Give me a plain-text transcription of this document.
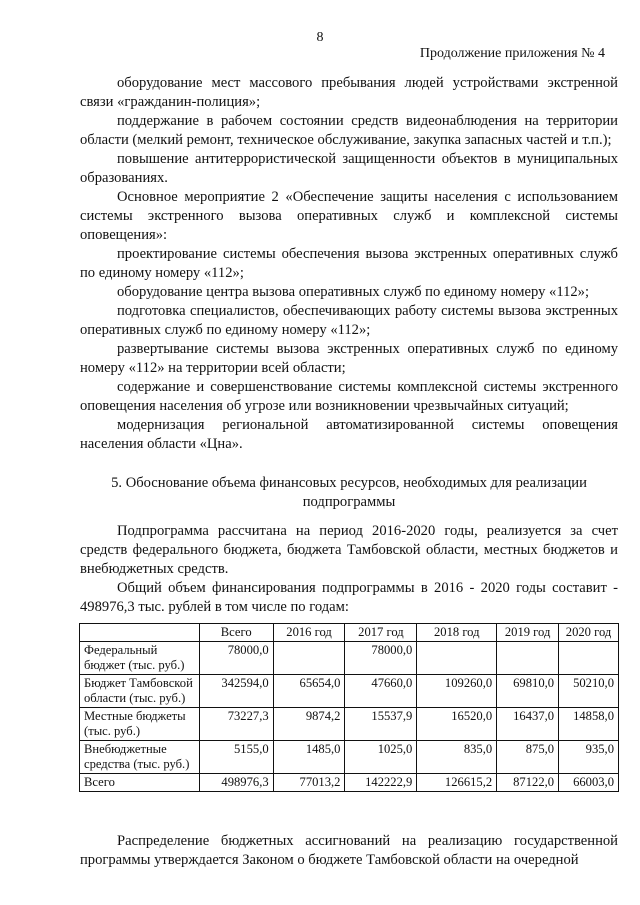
8
Продолжение приложения № 4

оборудование мест массового пребывания людей устройствами экстренной связи «гражданин-полиция»;

поддержание в рабочем состоянии средств видеонаблюдения на территории области (мелкий ремонт, техническое обслуживание, закупка запасных частей и т.п.);

повышение антитеррористической защищенности объектов в муниципальных образованиях.

Основное мероприятие 2 «Обеспечение защиты населения с использованием системы экстренного вызова оперативных служб и комплексной системы оповещения»:

проектирование системы обеспечения вызова экстренных оперативных служб по единому номеру «112»;

оборудование центра вызова оперативных служб по единому номеру «112»;

подготовка специалистов, обеспечивающих работу системы вызова экстренных оперативных служб по единому номеру «112»;

развертывание системы вызова экстренных оперативных служб по единому номеру «112» на территории всей области;

содержание и совершенствование системы комплексной системы экстренного оповещения населения об угрозе или возникновении чрезвычайных ситуаций;

модернизация региональной автоматизированной системы оповещения населения области «Цна».

5. Обоснование объема финансовых ресурсов, необходимых для реализации подпрограммы

Подпрограмма рассчитана на период 2016-2020 годы, реализуется за счет средств федерального бюджета, бюджета Тамбовской области, местных бюджетов и внебюджетных средств.

Общий объем финансирования подпрограммы в 2016 - 2020 годы составит - 498976,3 тыс. рублей в том числе по годам:

	Всего	2016 год	2017 год	2018 год	2019 год	2020 год
Федеральный бюджет (тыс. руб.)	78000,0		78000,0			
Бюджет Тамбовской области (тыс. руб.)	342594,0	65654,0	47660,0	109260,0	69810,0	50210,0
Местные бюджеты (тыс. руб.)	73227,3	9874,2	15537,9	16520,0	16437,0	14858,0
Внебюджетные средства (тыс. руб.)	5155,0	1485,0	1025,0	835,0	875,0	935,0
Всего	498976,3	77013,2	142222,9	126615,2	87122,0	66003,0

Распределение бюджетных ассигнований на реализацию государственной программы утверждается Законом о бюджете Тамбовской области на очередной
